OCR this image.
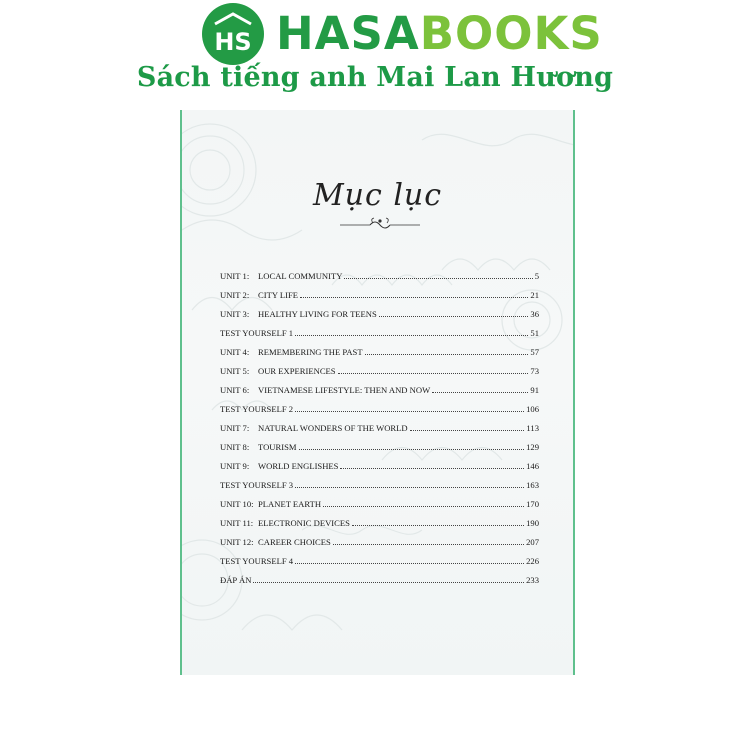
HS HASABOOKS
Sách tiếng anh Mai Lan Hương
Mục lục
UNIT 1:	LOCAL COMMUNITY	5
UNIT 2:	CITY LIFE	21
UNIT 3:	HEALTHY LIVING FOR TEENS	36
TEST YOURSELF 1	51
UNIT 4:	REMEMBERING THE PAST	57
UNIT 5:	OUR EXPERIENCES	73
UNIT 6:	VIETNAMESE LIFESTYLE: THEN AND NOW	91
TEST YOURSELF 2	106
UNIT 7:	NATURAL WONDERS OF THE WORLD	113
UNIT 8:	TOURISM	129
UNIT 9:	WORLD ENGLISHES	146
TEST YOURSELF 3	163
UNIT 10: PLANET EARTH	170
UNIT 11: ELECTRONIC DEVICES	190
UNIT 12: CAREER CHOICES	207
TEST YOURSELF 4	226
ĐÁP ÁN	233
